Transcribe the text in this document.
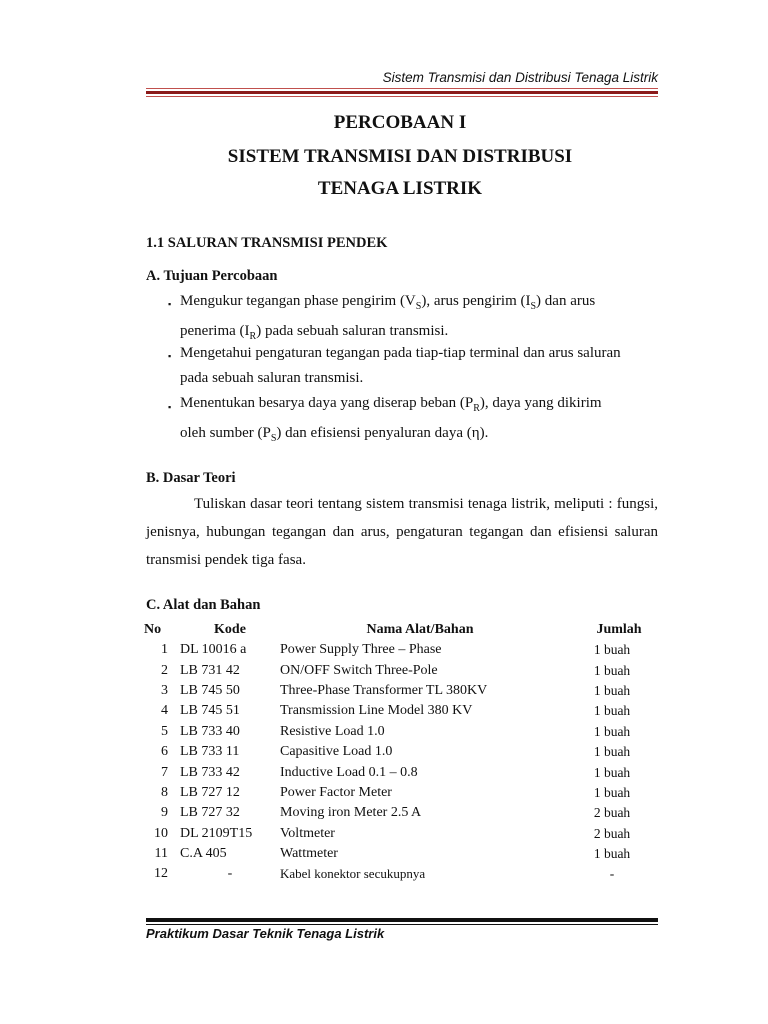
Sistem Transmisi dan Distribusi Tenaga Listrik
PERCOBAAN I
SISTEM TRANSMISI DAN DISTRIBUSI
TENAGA LISTRIK
1.1 SALURAN TRANSMISI PENDEK
A. Tujuan Percobaan
▪ Mengukur tegangan phase pengirim $(V_S)$, arus pengirim $(I_S)$ dan arus
penerima $(I_R)$ pada sebuah saluran transmisi.
▪ Mengetahui pengaturan tegangan pada tiap-tiap terminal dan arus saluran
pada sebuah saluran transmisi.
▪ Menentukan besarya daya yang diserap beban $(P_R)$, daya yang dikirim
oleh sumber $(P_S)$ dan efisiensi penyaluran daya (η).
B. Dasar Teori
Tuliskan dasar teori tentang sistem transmisi tenaga listrik, meliputi : fungsi, jenisnya, hubungan tegangan dan arus, pengaturan tegangan dan efisiensi saluran transmisi pendek tiga fasa.
C. Alat dan Bahan
No	Kode	Nama Alat/Bahan	Jumlah
1	DL 10016 a	Power Supply Three – Phase	1 buah
2	LB 731 42	ON/OFF Switch Three-Pole	1 buah
3	LB 745 50	Three-Phase Transformer TL 380KV	1 buah
4	LB 745 51	Transmission Line Model 380 KV	1 buah
5	LB 733 40	Resistive Load 1.0	1 buah
6	LB 733 11	Capasitive Load 1.0	1 buah
7	LB 733 42	Inductive Load 0.1 – 0.8	1 buah
8	LB 727 12	Power Factor Meter	1 buah
9	LB 727 32	Moving iron Meter 2.5 A	2 buah
10	DL 2109T15	Voltmeter	2 buah
11	C.A 405	Wattmeter	1 buah
12	-	Kabel konektor secukupnya	-
Praktikum Dasar Teknik Tenaga Listrik
